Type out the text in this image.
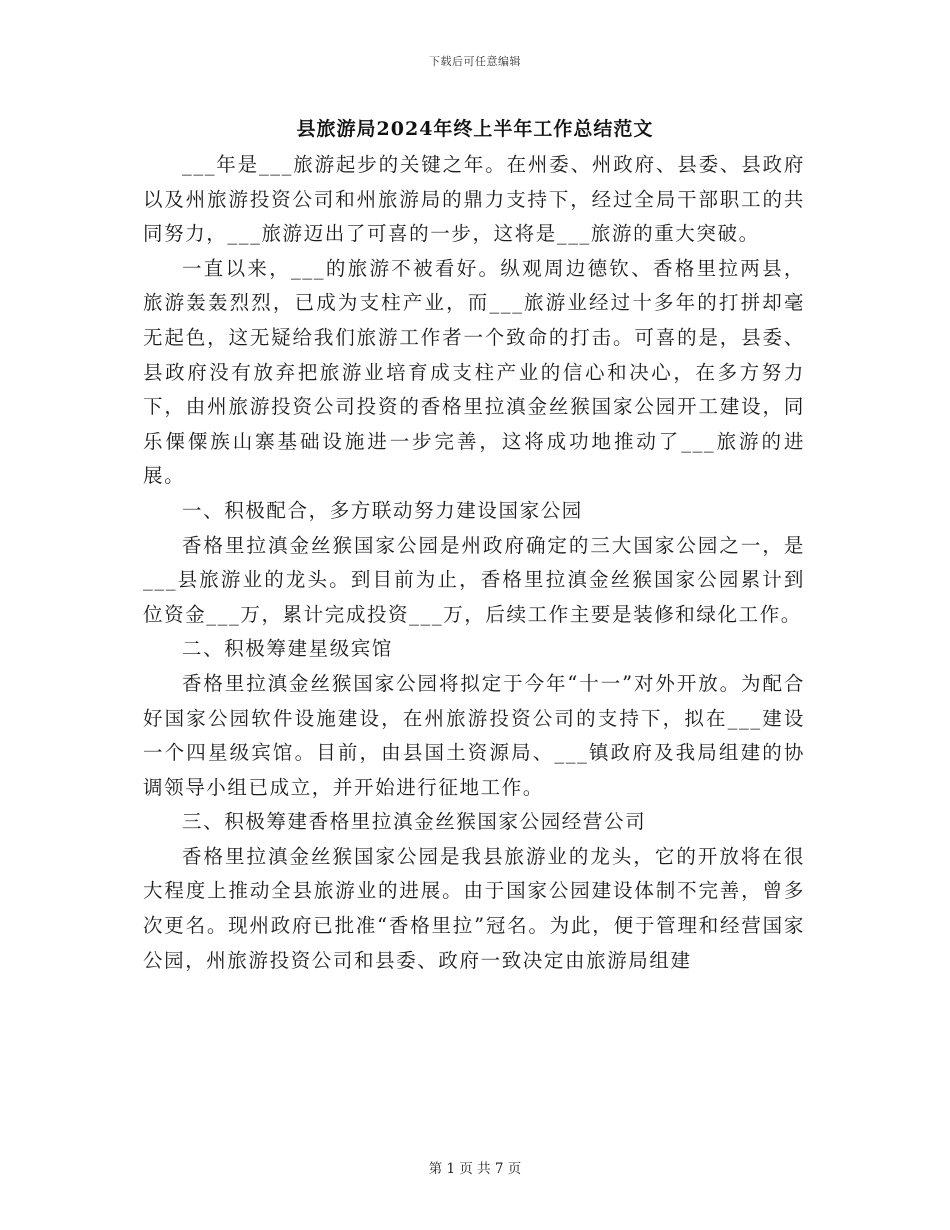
下载后可任意编辑
县旅游局2024年终上半年工作总结范文

___年是___旅游起步的关键之年。在州委、州政府、县委、县政府以及州旅游投资公司和州旅游局的鼎力支持下，经过全局干部职工的共同努力，___旅游迈出了可喜的一步，这将是___旅游的重大突破。

一直以来，___的旅游不被看好。纵观周边德钦、香格里拉两县，旅游轰轰烈烈，已成为支柱产业，而___旅游业经过十多年的打拼却毫无起色，这无疑给我们旅游工作者一个致命的打击。可喜的是，县委、县政府没有放弃把旅游业培育成支柱产业的信心和决心，在多方努力下，由州旅游投资公司投资的香格里拉滇金丝猴国家公园开工建设，同乐傈僳族山寨基础设施进一步完善，这将成功地推动了___旅游的进展。

一、积极配合，多方联动努力建设国家公园

香格里拉滇金丝猴国家公园是州政府确定的三大国家公园之一，是___县旅游业的龙头。到目前为止，香格里拉滇金丝猴国家公园累计到位资金___万，累计完成投资___万，后续工作主要是装修和绿化工作。

二、积极筹建星级宾馆

香格里拉滇金丝猴国家公园将拟定于今年“十一”对外开放。为配合好国家公园软件设施建设，在州旅游投资公司的支持下，拟在___建设一个四星级宾馆。目前，由县国土资源局、___镇政府及我局组建的协调领导小组已成立，并开始进行征地工作。

三、积极筹建香格里拉滇金丝猴国家公园经营公司

香格里拉滇金丝猴国家公园是我县旅游业的龙头，它的开放将在很大程度上推动全县旅游业的进展。由于国家公园建设体制不完善，曾多次更名。现州政府已批准“香格里拉”冠名。为此，便于管理和经营国家公园，州旅游投资公司和县委、政府一致决定由旅游局组建

第 1 页 共 7 页
